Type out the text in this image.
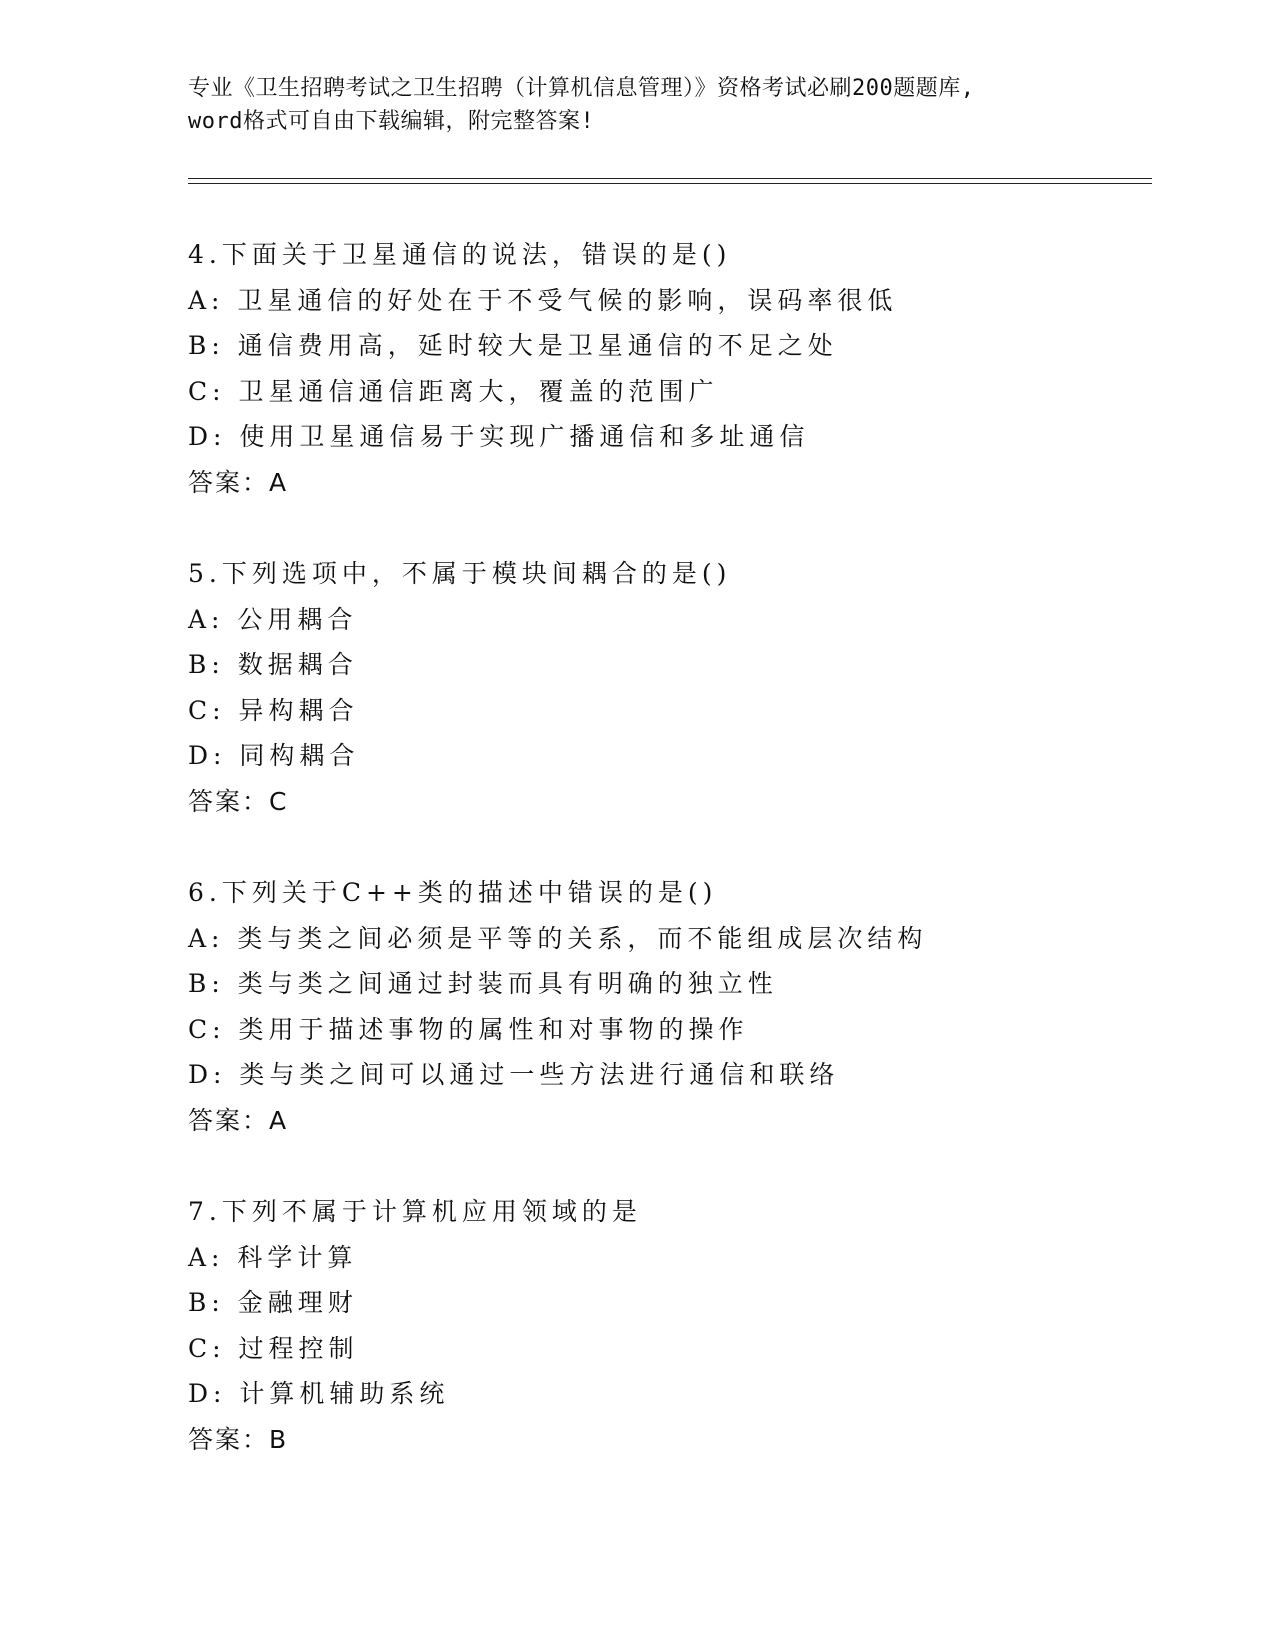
专业《卫生招聘考试之卫生招聘（计算机信息管理）》资格考试必刷200题题库,
word格式可自由下载编辑，附完整答案!
4.下面关于卫星通信的说法，错误的是()
A: 卫星通信的好处在于不受气候的影响，误码率很低
B: 通信费用高，延时较大是卫星通信的不足之处
C: 卫星通信通信距离大，覆盖的范围广
D: 使用卫星通信易于实现广播通信和多址通信
答案：A
5.下列选项中，不属于模块间耦合的是()
A: 公用耦合
B: 数据耦合
C: 异构耦合
D: 同构耦合
答案：C
6.下列关于C++类的描述中错误的是()
A: 类与类之间必须是平等的关系，而不能组成层次结构
B: 类与类之间通过封装而具有明确的独立性
C: 类用于描述事物的属性和对事物的操作
D: 类与类之间可以通过一些方法进行通信和联络
答案：A
7.下列不属于计算机应用领域的是
A: 科学计算
B: 金融理财
C: 过程控制
D: 计算机辅助系统
答案：B
